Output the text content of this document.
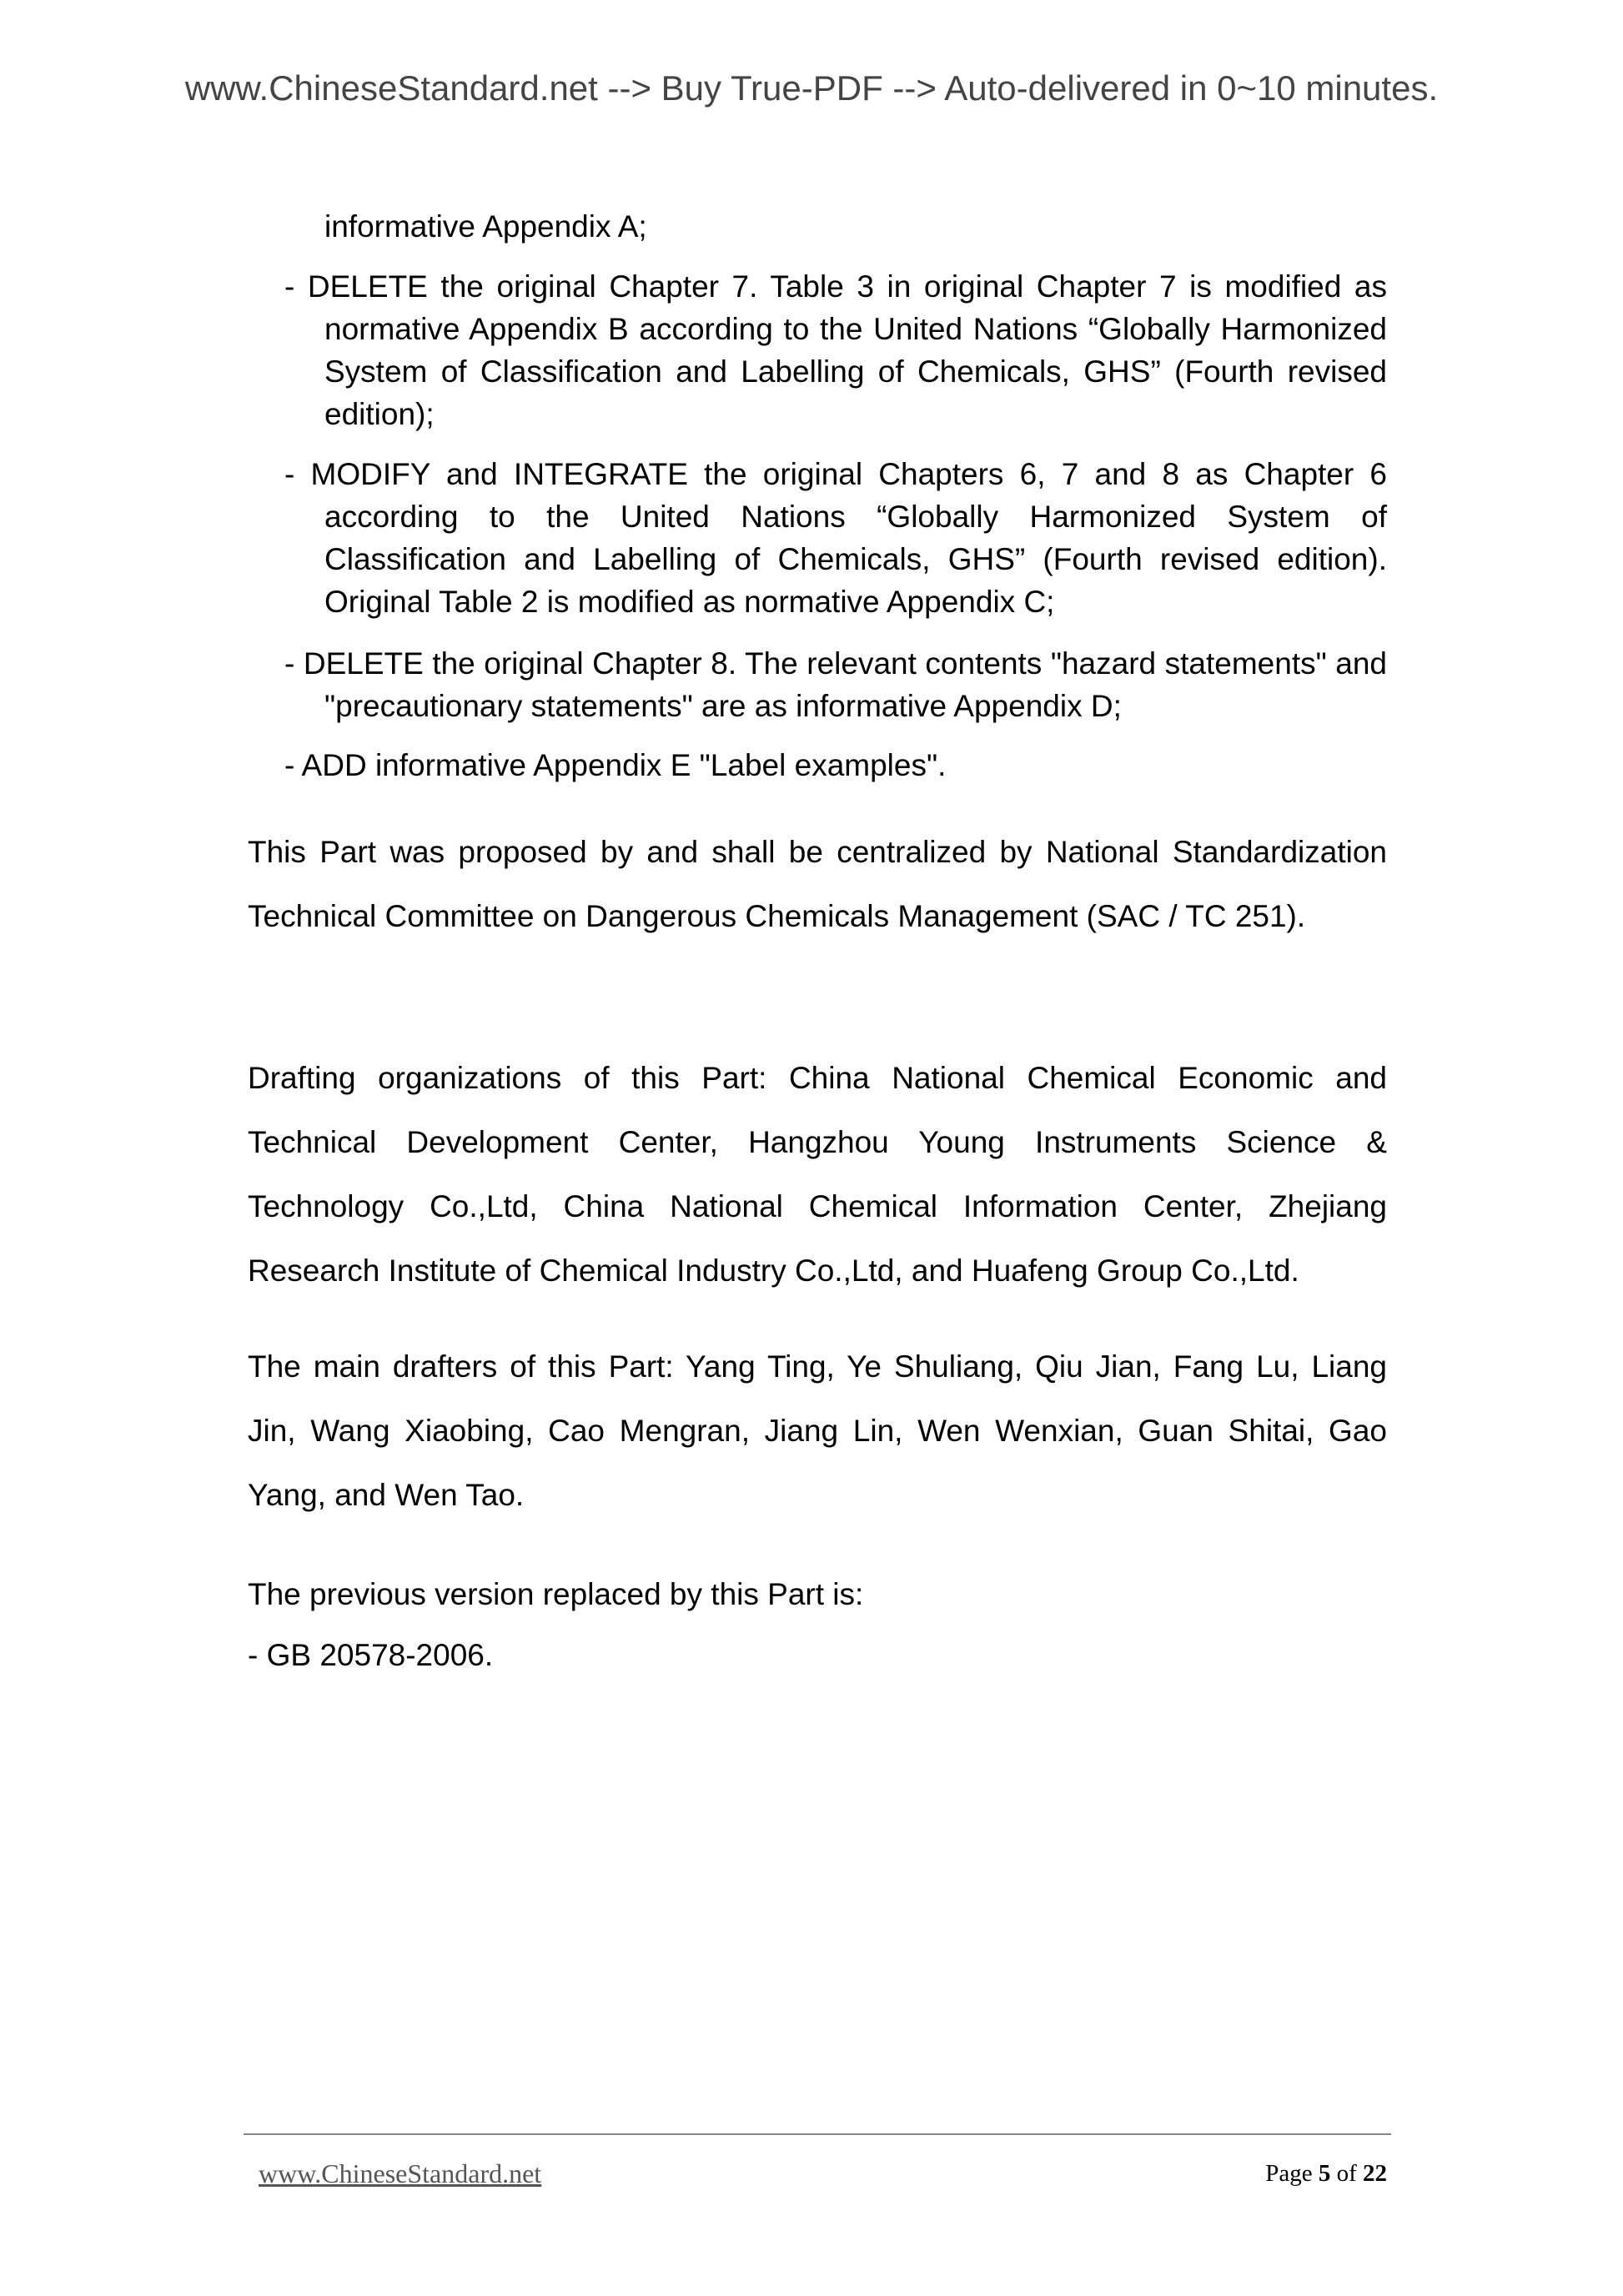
www.ChineseStandard.net --> Buy True-PDF --> Auto-delivered in 0~10 minutes.
informative Appendix A;
- DELETE the original Chapter 7. Table 3 in original Chapter 7 is modified as normative Appendix B according to the United Nations “Globally Harmonized System of Classification and Labelling of Chemicals, GHS” (Fourth revised edition);
- MODIFY and INTEGRATE the original Chapters 6, 7 and 8 as Chapter 6 according to the United Nations “Globally Harmonized System of Classification and Labelling of Chemicals, GHS” (Fourth revised edition). Original Table 2 is modified as normative Appendix C;
- DELETE the original Chapter 8. The relevant contents "hazard statements" and "precautionary statements" are as informative Appendix D;
- ADD informative Appendix E "Label examples".
This Part was proposed by and shall be centralized by National Standardization Technical Committee on Dangerous Chemicals Management (SAC / TC 251).
Drafting organizations of this Part: China National Chemical Economic and Technical Development Center, Hangzhou Young Instruments Science & Technology Co.,Ltd, China National Chemical Information Center, Zhejiang Research Institute of Chemical Industry Co.,Ltd, and Huafeng Group Co.,Ltd.
The main drafters of this Part: Yang Ting, Ye Shuliang, Qiu Jian, Fang Lu, Liang Jin, Wang Xiaobing, Cao Mengran, Jiang Lin, Wen Wenxian, Guan Shitai, Gao Yang, and Wen Tao.
The previous version replaced by this Part is:
- GB 20578-2006.
www.ChineseStandard.net	Page 5 of 22
